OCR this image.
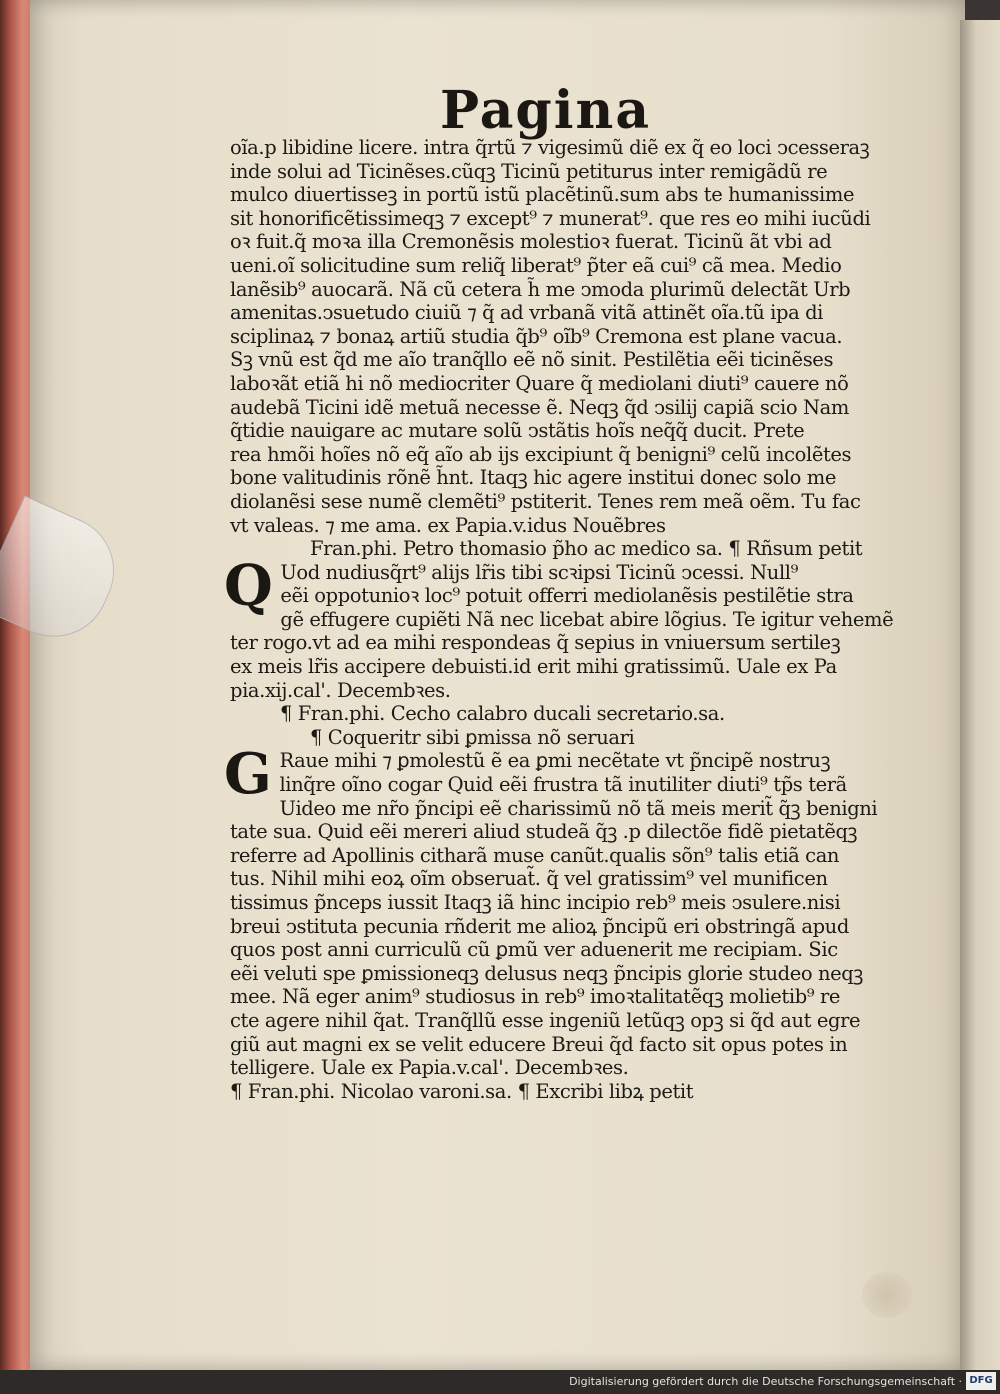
Pagina
oĩa.p libidine licere. intra q̃rtũ ⁊ vigesimũ diẽ ex q̃ eo loci ↄcesseraꝫ
inde solui ad Ticinẽses.cũqꝫ Ticinũ petiturus inter remigãdũ re
mulco diuertisseꝫ in portũ istũ placẽtinũ.sum abs te humanissime
sit honorificẽtissimeqꝫ ⁊ except⁹ ⁊ munerat⁹. que res eo mihi iucũdi
oꝛ fuit.q̃ moꝛa illa Cremonẽsis molestioꝛ fuerat. Ticinũ ãt vbi ad
ueni.oĩ solicitudine sum reliq̃ liberat⁹ p̃ter eã cui⁹ cã mea. Medio
lanẽsib⁹ auocarã. Nã cũ cetera h̃ me ↄmoda plurimũ delectãt Urb
amenitas.ↄsuetudo ciuiũ ⁊ q̃ ad vrbanã vitã attinẽt oĩa.tũ ipa di
sciplinaꝝ ⁊ bonaꝝ artiũ studia q̃b⁹ oĩb⁹ Cremona est plane vacua.
Sꝫ vnũ est q̃d me aĩo tranq̃llo eẽ nõ sinit. Pestilẽtia eẽi ticinẽses
laboꝛãt etiã hi nõ mediocriter Quare q̃ mediolani diuti⁹ cauere nõ
audebã Ticini idẽ metuã necesse ẽ. Neqꝫ q̃d ↄsilij capiã scio Nam
q̃tidie nauigare ac mutare solũ ↄstãtis hoĩs neq̃q̃ ducit. Prete
rea hmõi hoĩes nõ eq̃ aĩo ab ijs excipiunt q̃ benigni⁹ celũ incolẽtes
bone valitudinis rõnẽ h̃nt. Itaqꝫ hic agere institui donec solo me
diolanẽsi sese numẽ clemẽti⁹ pstiterit. Tenes rem meã oẽm. Tu fac
vt valeas. ⁊ me ama. ex Papia.v.idus Nouẽbres
Fran.phi. Petro thomasio p̃ho ac medico sa. ¶ Rñsum petit
Q Uod nudiusq̃rt⁹ alijs lr̃is tibi scꝛipsi Ticinũ ↄcessi. Null⁹
eẽi oppotunioꝛ loc⁹ potuit offerri mediolanẽsis pestilẽtie stra
gẽ effugere cupiẽti Nã nec licebat abire lõgius. Te igitur vehemẽ
ter rogo.vt ad ea mihi respondeas q̃ sepius in vniuersum sertileꝫ
ex meis lr̃is accipere debuisti.id erit mihi gratissimũ. Uale ex Pa
pia.xij.cal'. Decembꝛes.
¶ Fran.phi. Cecho calabro ducali secretario.sa.
¶ Coqueritr sibi ꝑmissa nõ seruari
G Raue mihi ⁊ ꝑmolestũ ẽ ea ꝑmi necẽtate vt p̃ncipẽ nostruꝫ
linq̃re oĩno cogar Quid eẽi frustra tã inutiliter diuti⁹ tp̃s terã
Uideo me nr̃o p̃ncipi eẽ charissimũ nõ tã meis merit̃ q̃ꝫ benigni
tate sua. Quid eẽi mereri aliud studeã q̃ꝫ .p dilectõe fidẽ pietatẽqꝫ
referre ad Apollinis citharã muse canũt.qualis sõn⁹ talis etiã can
tus. Nihil mihi eoꝝ oĩm obseruat̃. q̃ vel gratissim⁹ vel munificen
tissimus p̃nceps iussit Itaqꝫ iã hinc incipio reb⁹ meis ↄsulere.nisi
breui ↄstituta pecunia rñderit me alioꝝ p̃ncipũ eri obstringã apud
quos post anni curriculũ cũ ꝑmũ ver aduenerit me recipiam. Sic
eẽi veluti spe ꝑmissioneqꝫ delusus neqꝫ p̃ncipis glorie studeo neqꝫ
mee. Nã eger anim⁹ studiosus in reb⁹ imoꝛtalitatẽqꝫ molietib⁹ re
cte agere nihil q̃at. Tranq̃llũ esse ingeniũ letũqꝫ opꝫ si q̃d aut egre
giũ aut magni ex se velit educere Breui q̃d facto sit opus potes in
telligere. Uale ex Papia.v.cal'. Decembꝛes.
¶ Fran.phi. Nicolao varoni.sa. ¶ Excribi libꝝ petit
Digitalisierung gefördert durch die Deutsche Forschungsgemeinschaft · DFG
